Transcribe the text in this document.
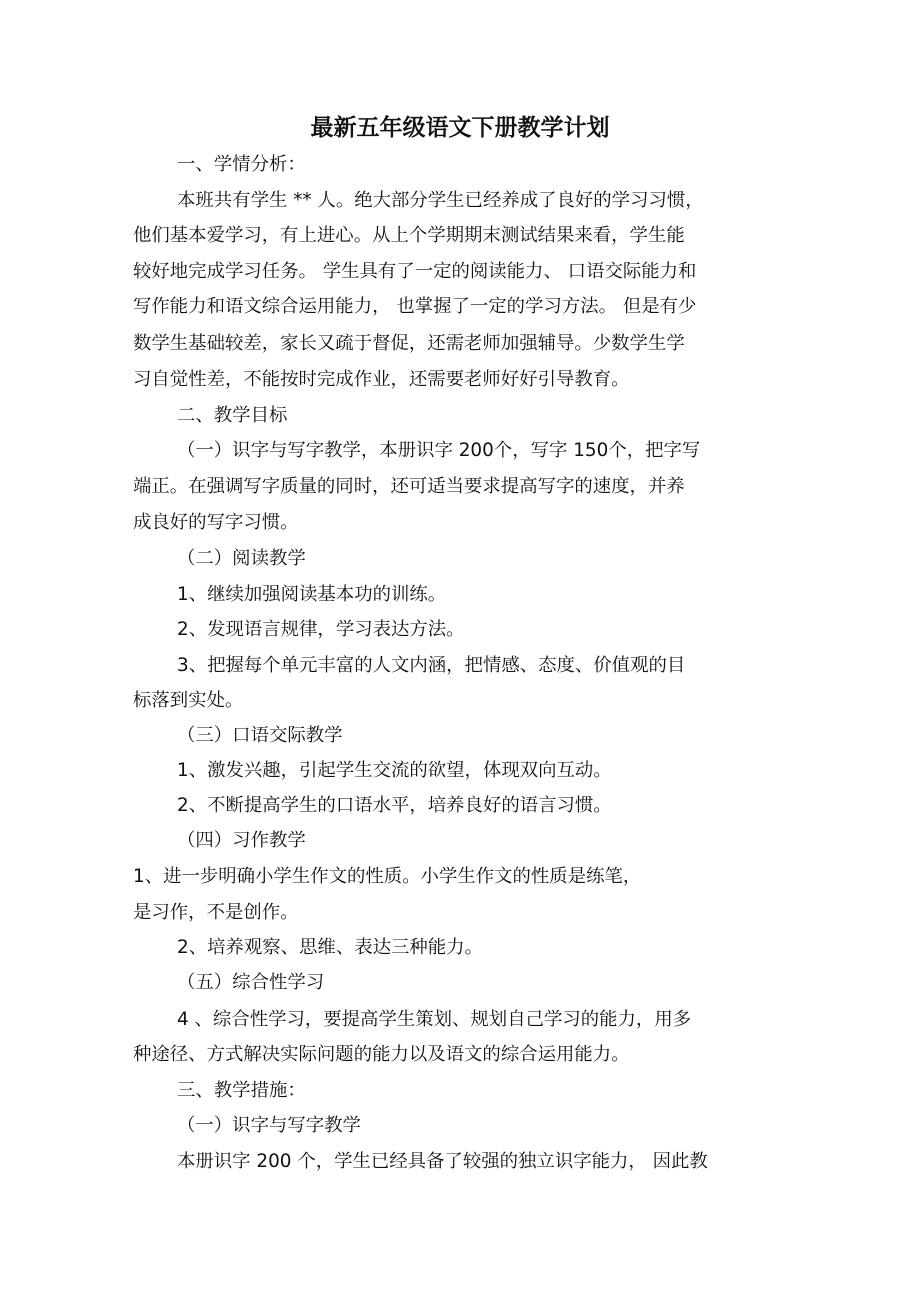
最新五年级语文下册教学计划
一、学情分析：
本班共有学生 ** 人。绝大部分学生已经养成了良好的学习习惯，
他们基本爱学习，有上进心。从上个学期期末测试结果来看，学生能
较好地完成学习任务。 学生具有了一定的阅读能力、 口语交际能力和
写作能力和语文综合运用能力， 也掌握了一定的学习方法。 但是有少
数学生基础较差，家长又疏于督促，还需老师加强辅导。少数学生学
习自觉性差，不能按时完成作业，还需要老师好好引导教育。
二、教学目标
（一）识字与写字教学，本册识字 200个，写字 150个，把字写
端正。在强调写字质量的同时，还可适当要求提高写字的速度，并养
成良好的写字习惯。
（二）阅读教学
1、继续加强阅读基本功的训练。
2、发现语言规律，学习表达方法。
3、把握每个单元丰富的人文内涵，把情感、态度、价值观的目
标落到实处。
（三）口语交际教学
1、激发兴趣，引起学生交流的欲望，体现双向互动。
2、不断提高学生的口语水平，培养良好的语言习惯。
（四）习作教学
1、进一步明确小学生作文的性质。小学生作文的性质是练笔，
是习作，不是创作。
2、培养观察、思维、表达三种能力。
（五）综合性学习
4 、综合性学习，要提高学生策划、规划自己学习的能力，用多
种途径、方式解决实际问题的能力以及语文的综合运用能力。
三、教学措施：
（一）识字与写字教学
本册识字 200 个，学生已经具备了较强的独立识字能力， 因此教
